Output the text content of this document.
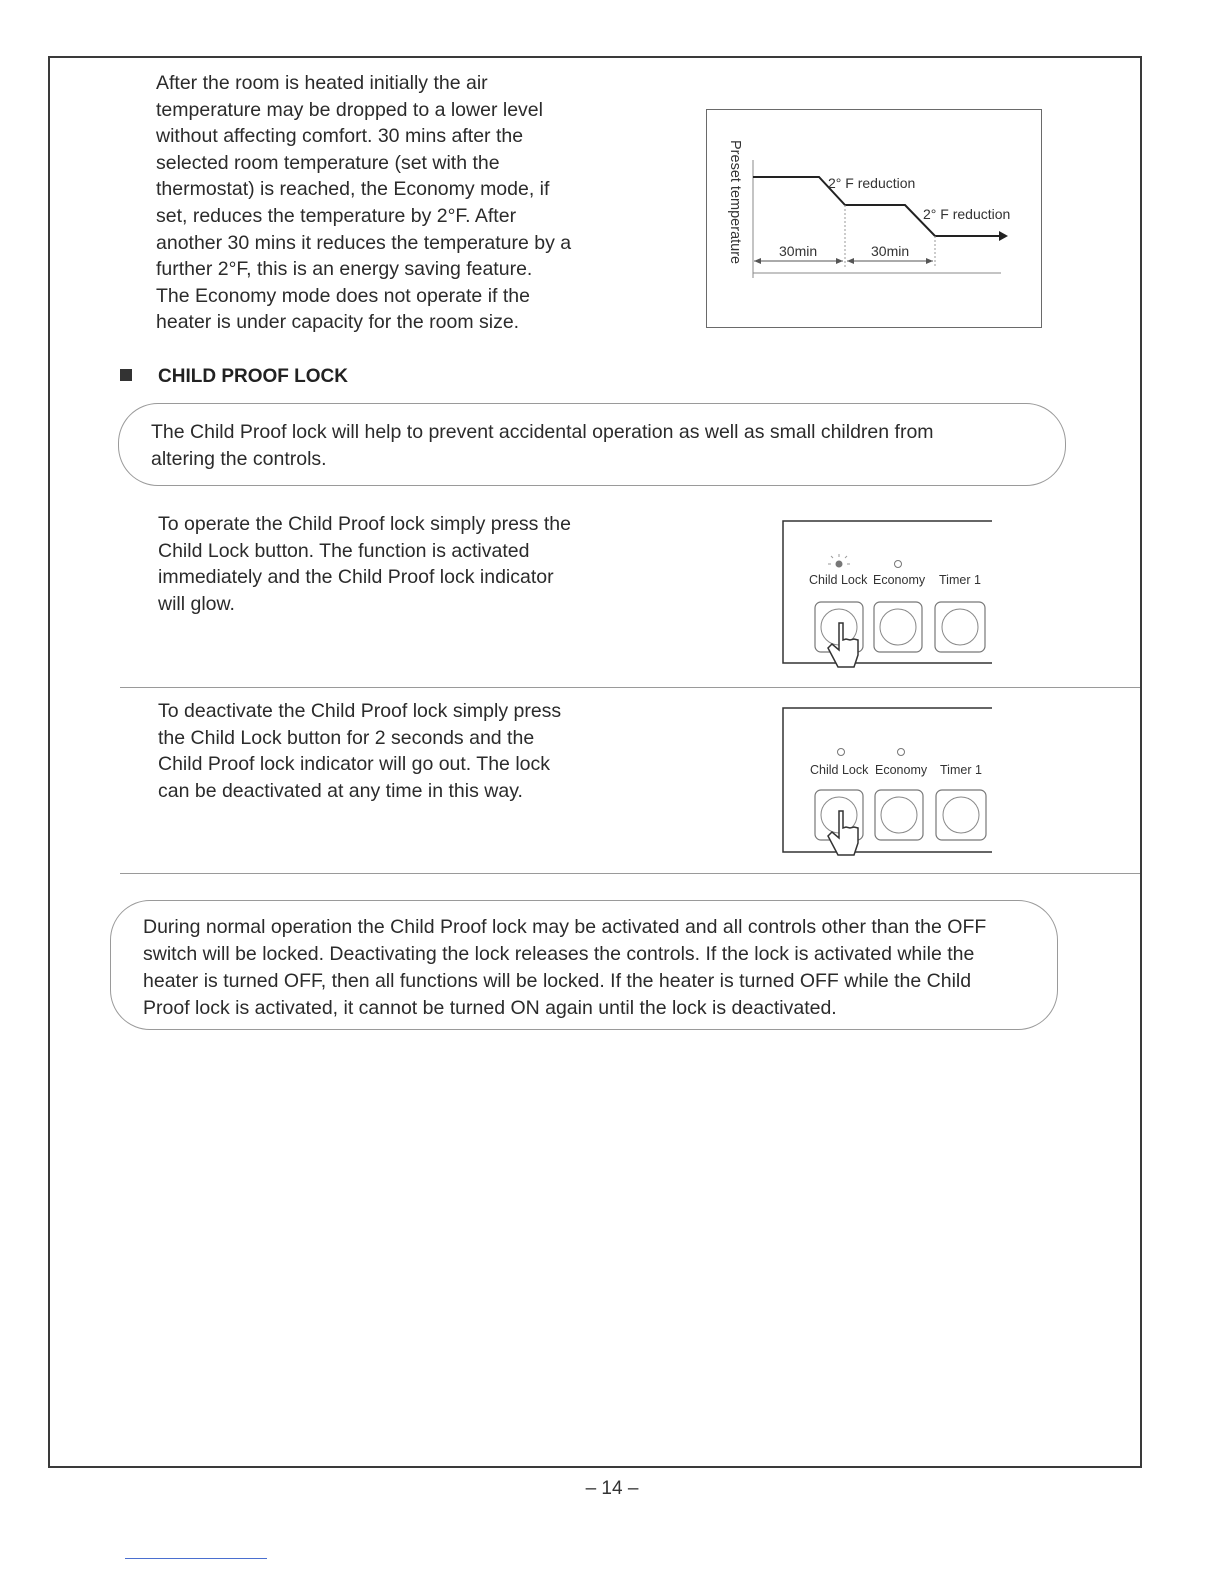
After the room is heated initially the air
temperature may be dropped to a lower level
without affecting comfort. 30 mins after the
selected room temperature (set with the
thermostat) is reached, the Economy mode, if
set, reduces the temperature by 2°F. After
another 30 mins it reduces the temperature by a
further 2°F, this is an energy saving feature.
The Economy mode does not operate if the
heater is under capacity for the room size.

Preset temperature	2° F reduction
2° F reduction
30min	30min
CHILD PROOF LOCK

The Child Proof lock will help to prevent accidental operation as well as small children from
altering the controls.

To operate the Child Proof lock simply press the
Child Lock button. The function is activated
immediately and the Child Proof lock indicator
will glow.

Child Lock Economy Timer 1

To deactivate the Child Proof lock simply press
the Child Lock button for 2 seconds and the
Child Proof lock indicator will go out. The lock
can be deactivated at any time in this way.

Child Lock Economy Timer 1

During normal operation the Child Proof lock may be activated and all controls other than the OFF
switch will be locked. Deactivating the lock releases the controls. If the lock is activated while the
heater is turned OFF, then all functions will be locked. If the heater is turned OFF while the Child
Proof lock is activated, it cannot be turned ON again until the lock is deactivated.

– 14 –
